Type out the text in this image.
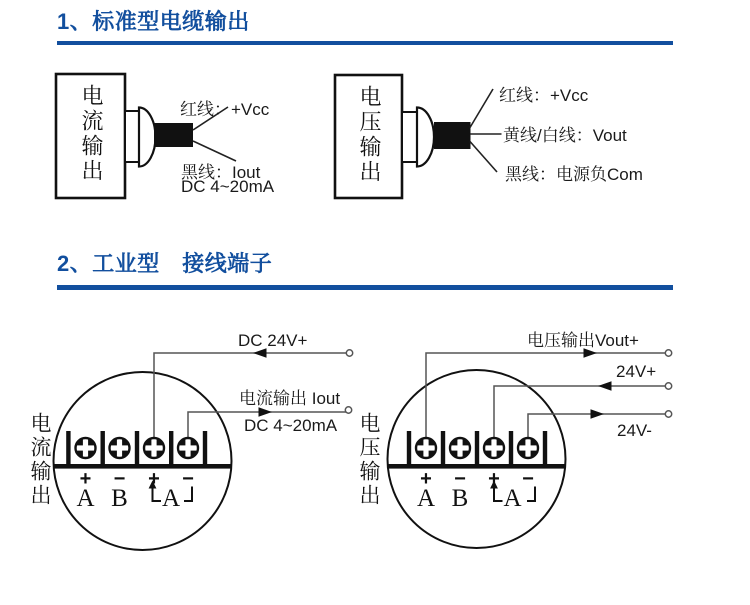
1、标准型电缆输出
电流输出	红线：+Vcc
黑线：Iout
DC 4~20mA
电压输出	红线：+Vcc
黄线/白线：Vout
黑线：电源负Com
2、工业型　接线端子
电流输出
DC 24V+
电流输出 Iout
DC 4~20mA
+ − + −
A B A	电压输出
电压输出Vout+
24V+
24V-
+ − + −
A B A
